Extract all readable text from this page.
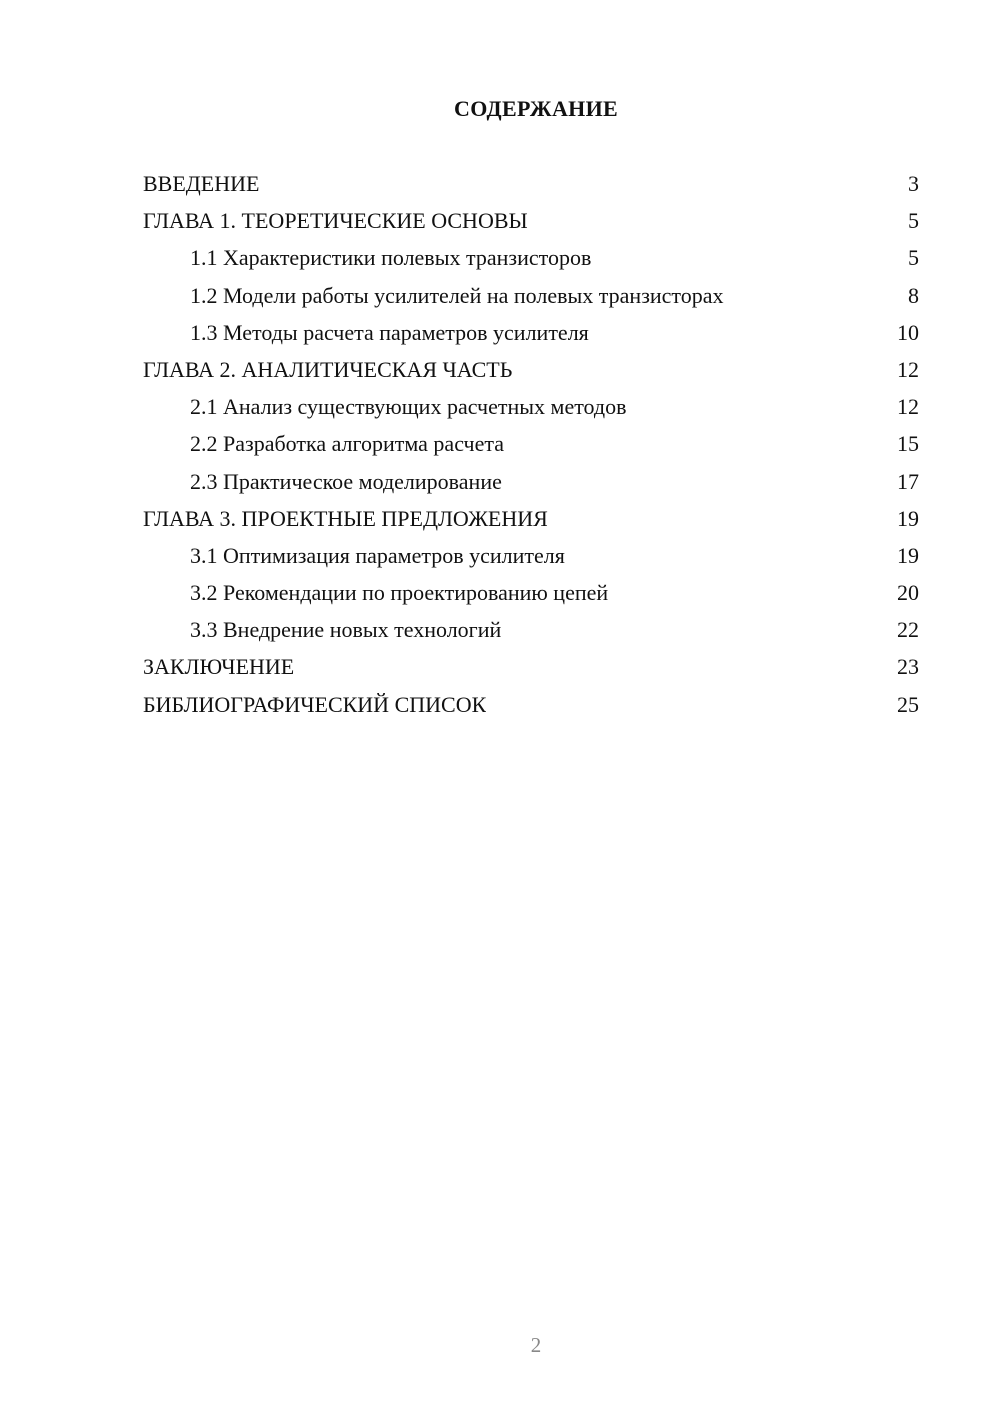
СОДЕРЖАНИЕ
ВВЕДЕНИЕ	3
ГЛАВА 1. ТЕОРЕТИЧЕСКИЕ ОСНОВЫ	5
1.1 Характеристики полевых транзисторов	5
1.2 Модели работы усилителей на полевых транзисторах	8
1.3 Методы расчета параметров усилителя	10
ГЛАВА 2. АНАЛИТИЧЕСКАЯ ЧАСТЬ	12
2.1 Анализ существующих расчетных методов	12
2.2 Разработка алгоритма расчета	15
2.3 Практическое моделирование	17
ГЛАВА 3. ПРОЕКТНЫЕ ПРЕДЛОЖЕНИЯ	19
3.1 Оптимизация параметров усилителя	19
3.2 Рекомендации по проектированию цепей	20
3.3 Внедрение новых технологий	22
ЗАКЛЮЧЕНИЕ	23
БИБЛИОГРАФИЧЕСКИЙ СПИСОК	25
2
